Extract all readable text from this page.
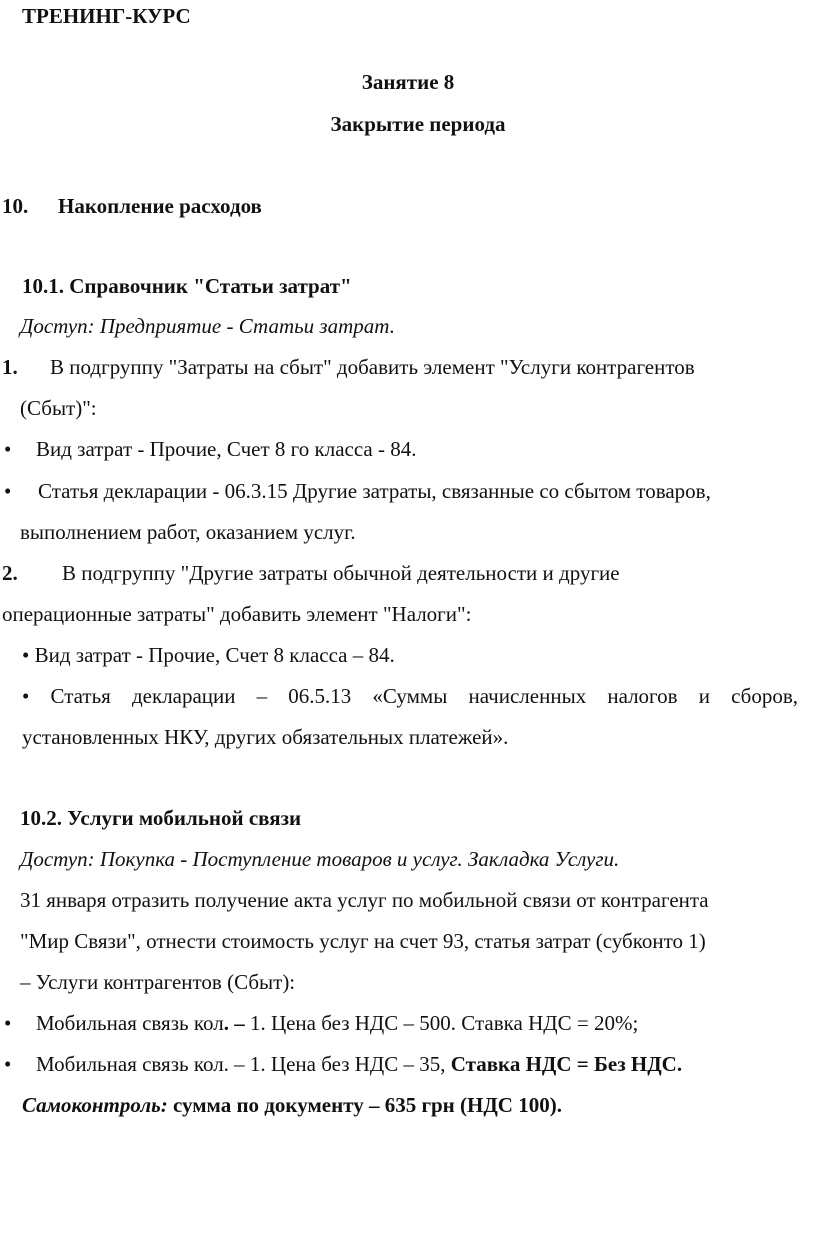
ТРЕНИНГ-КУРС
Занятие 8
Закрытие периода
10. Накопление расходов
10.1. Справочник "Статьи затрат"
Доступ: Предприятие - Статьи затрат.
1. В подгруппу "Затраты на сбыт" добавить элемент "Услуги контрагентов
(Сбыт)":
• Вид затрат - Прочие, Счет 8 го класса - 84.
• Статья декларации - 06.3.15 Другие затраты, связанные со сбытом товаров,
выполнением работ, оказанием услуг.
2. В подгруппу "Другие затраты обычной деятельности и другие
операционные затраты" добавить элемент "Налоги":
• Вид затрат - Прочие, Счет 8 класса – 84.
• Статья декларации – 06.5.13 «Суммы начисленных налогов и сборов,
установленных НКУ, других обязательных платежей».
10.2. Услуги мобильной связи
Доступ: Покупка - Поступление товаров и услуг. Закладка Услуги.
31 января отразить получение акта услуг по мобильной связи от контрагента
"Мир Связи", отнести стоимость услуг на счет 93, статья затрат (субконто 1)
– Услуги контрагентов (Сбыт):
• Мобильная связь кол. – 1. Цена без НДС – 500. Ставка НДС = 20%;
• Мобильная связь кол. – 1. Цена без НДС – 35, Ставка НДС = Без НДС.
Самоконтроль: сумма по документу – 635 грн (НДС 100).
